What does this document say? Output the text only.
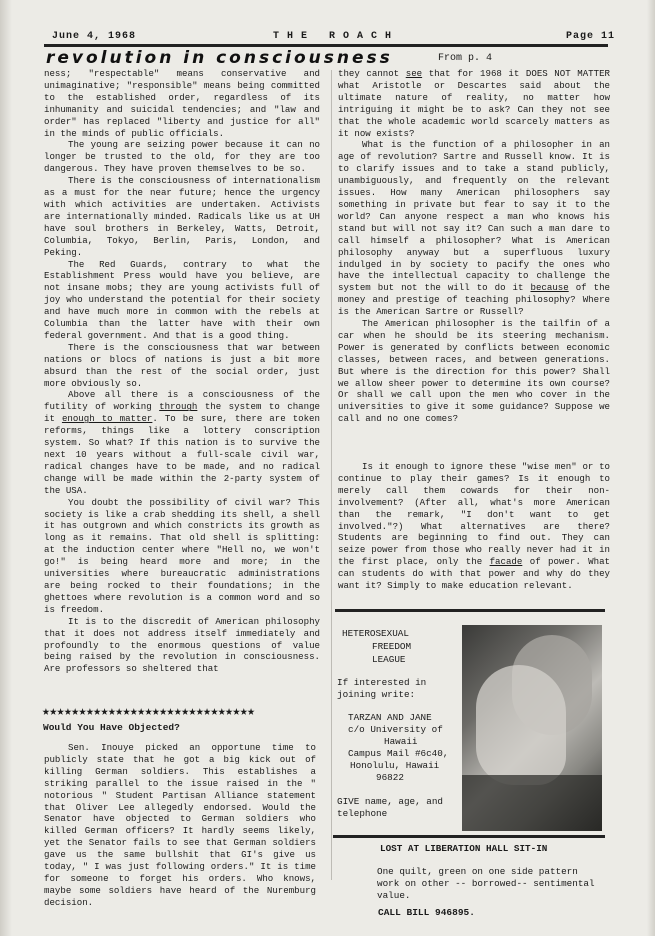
June 4, 1968	T H E   R O A C H	Page 11
revolution in consciousness	From p. 4

ness; "respectable" means conservative and unimaginative; "responsible" means being committed to the established order, regardless of its inhumanity and suicidal tendencies; and "law and order" has replaced "liberty and justice for all" in the minds of public officials.

The young are seizing power because it can no longer be trusted to the old, for they are too dangerous. They have proven themselves to be so.

There is the consciousness of internationalism as a must for the near future; hence the urgency with which activities are undertaken. Activists are internationally minded. Radicals like us at UH have soul brothers in Berkeley, Watts, Detroit, Columbia, Tokyo, Berlin, Paris, London, and Peking.

The Red Guards, contrary to what the Establishment Press would have you believe, are not insane mobs; they are young activists full of joy who understand the potential for their society and have much more in common with the rebels at Columbia than the latter have with their own federal government. And that is a good thing.

There is the consciousness that war between nations or blocs of nations is just a bit more absurd than the rest of the social order, just more obviously so.

Above all there is a consciousness of the futility of working through the system to change it enough to matter. To be sure, there are token reforms, things like a lottery conscription system. So what? If this nation is to survive the next 10 years without a full-scale civil war, radical changes have to be made, and no radical change will be made within the 2-party system of the USA.

You doubt the possibility of civil war? This society is like a crab shedding its shell, a shell it has outgrown and which constricts its growth as long as it remains. That old shell is splitting: at the induction center where "Hell no, we won't go!" is being heard more and more; in the universities where bureaucratic administrations are being rocked to their foundations; in the ghettoes where revolution is a common word and so is freedom.

It is to the discredit of American philosophy that it does not address itself immediately and profoundly to the enormous questions of value being raised by the revolution in consciousness. Are professors so sheltered that

they cannot see that for 1968 it DOES NOT MATTER what Aristotle or Descartes said about the ultimate nature of reality, no matter how intriguing it might be to ask? Can they not see that the whole academic world scarcely matters as it now exists?

What is the function of a philosopher in an age of revolution? Sartre and Russell know. It is to clarify issues and to take a stand publicly, unambiguously, and frequently on the relevant issues. How many American philosophers say something in private but fear to say it to the world? Can anyone respect a man who knows his stand but will not say it? Can such a man dare to call himself a philosopher? What is American philosophy anyway but a superfluous luxury indulged in by society to pacify the ones who have the intellectual capacity to challenge the system but not the will to do it because of the money and prestige of teaching philosophy? Where is the American Sartre or Russell?

The American philosopher is the tailfin of a car when he should be its steering mechanism. Power is generated by conflicts between economic classes, between races, and between generations. But where is the direction for this power? Shall we allow sheer power to determine its own course? Or shall we call upon the men who cover in the universities to give it some guidance? Suppose we call and no one comes?

Is it enough to ignore these "wise men" or to continue to play their games? Is it enough to merely call them cowards for their non-involvement? (After all, what's more American than the remark, "I don't want to get involved."?) What alternatives are there? Students are beginning to find out. They can seize power from those who really never had it in the first place, only the facade of power. What can students do with that power and why do they want it? Simply to make education relevant.

★★★★★★★★★★★★★★★★★★★★★★★★★★★★★
Would You Have Objected?

Sen. Inouye picked an opportune time to publicly state that he got a big kick out of killing German soldiers. This establishes a striking parallel to the issue raised in the " notorious " Student Partisan Alliance statement that Oliver Lee allegedly endorsed. Would the Senator have objected to German soldiers who killed German officers? It hardly seems likely, yet the Senator fails to see that German soldiers gave us the same bullshit that GI's give us today, " I was just following orders." It is time for someone to forget his orders. Who knows, maybe some soldiers have heard of the Nuremburg decision.

HETEROSEXUAL
FREEDOM
LEAGUE
If interested in joining write:
TARZAN AND JANE
c/o University of
Hawaii
Campus Mail #6c40,
Honolulu, Hawaii
96822
GIVE name, age, and telephone
LOST AT LIBERATION HALL SIT-IN
One quilt, green on one side pattern work on other -- borrowed-- sentimental value.
CALL BILL 946895.
